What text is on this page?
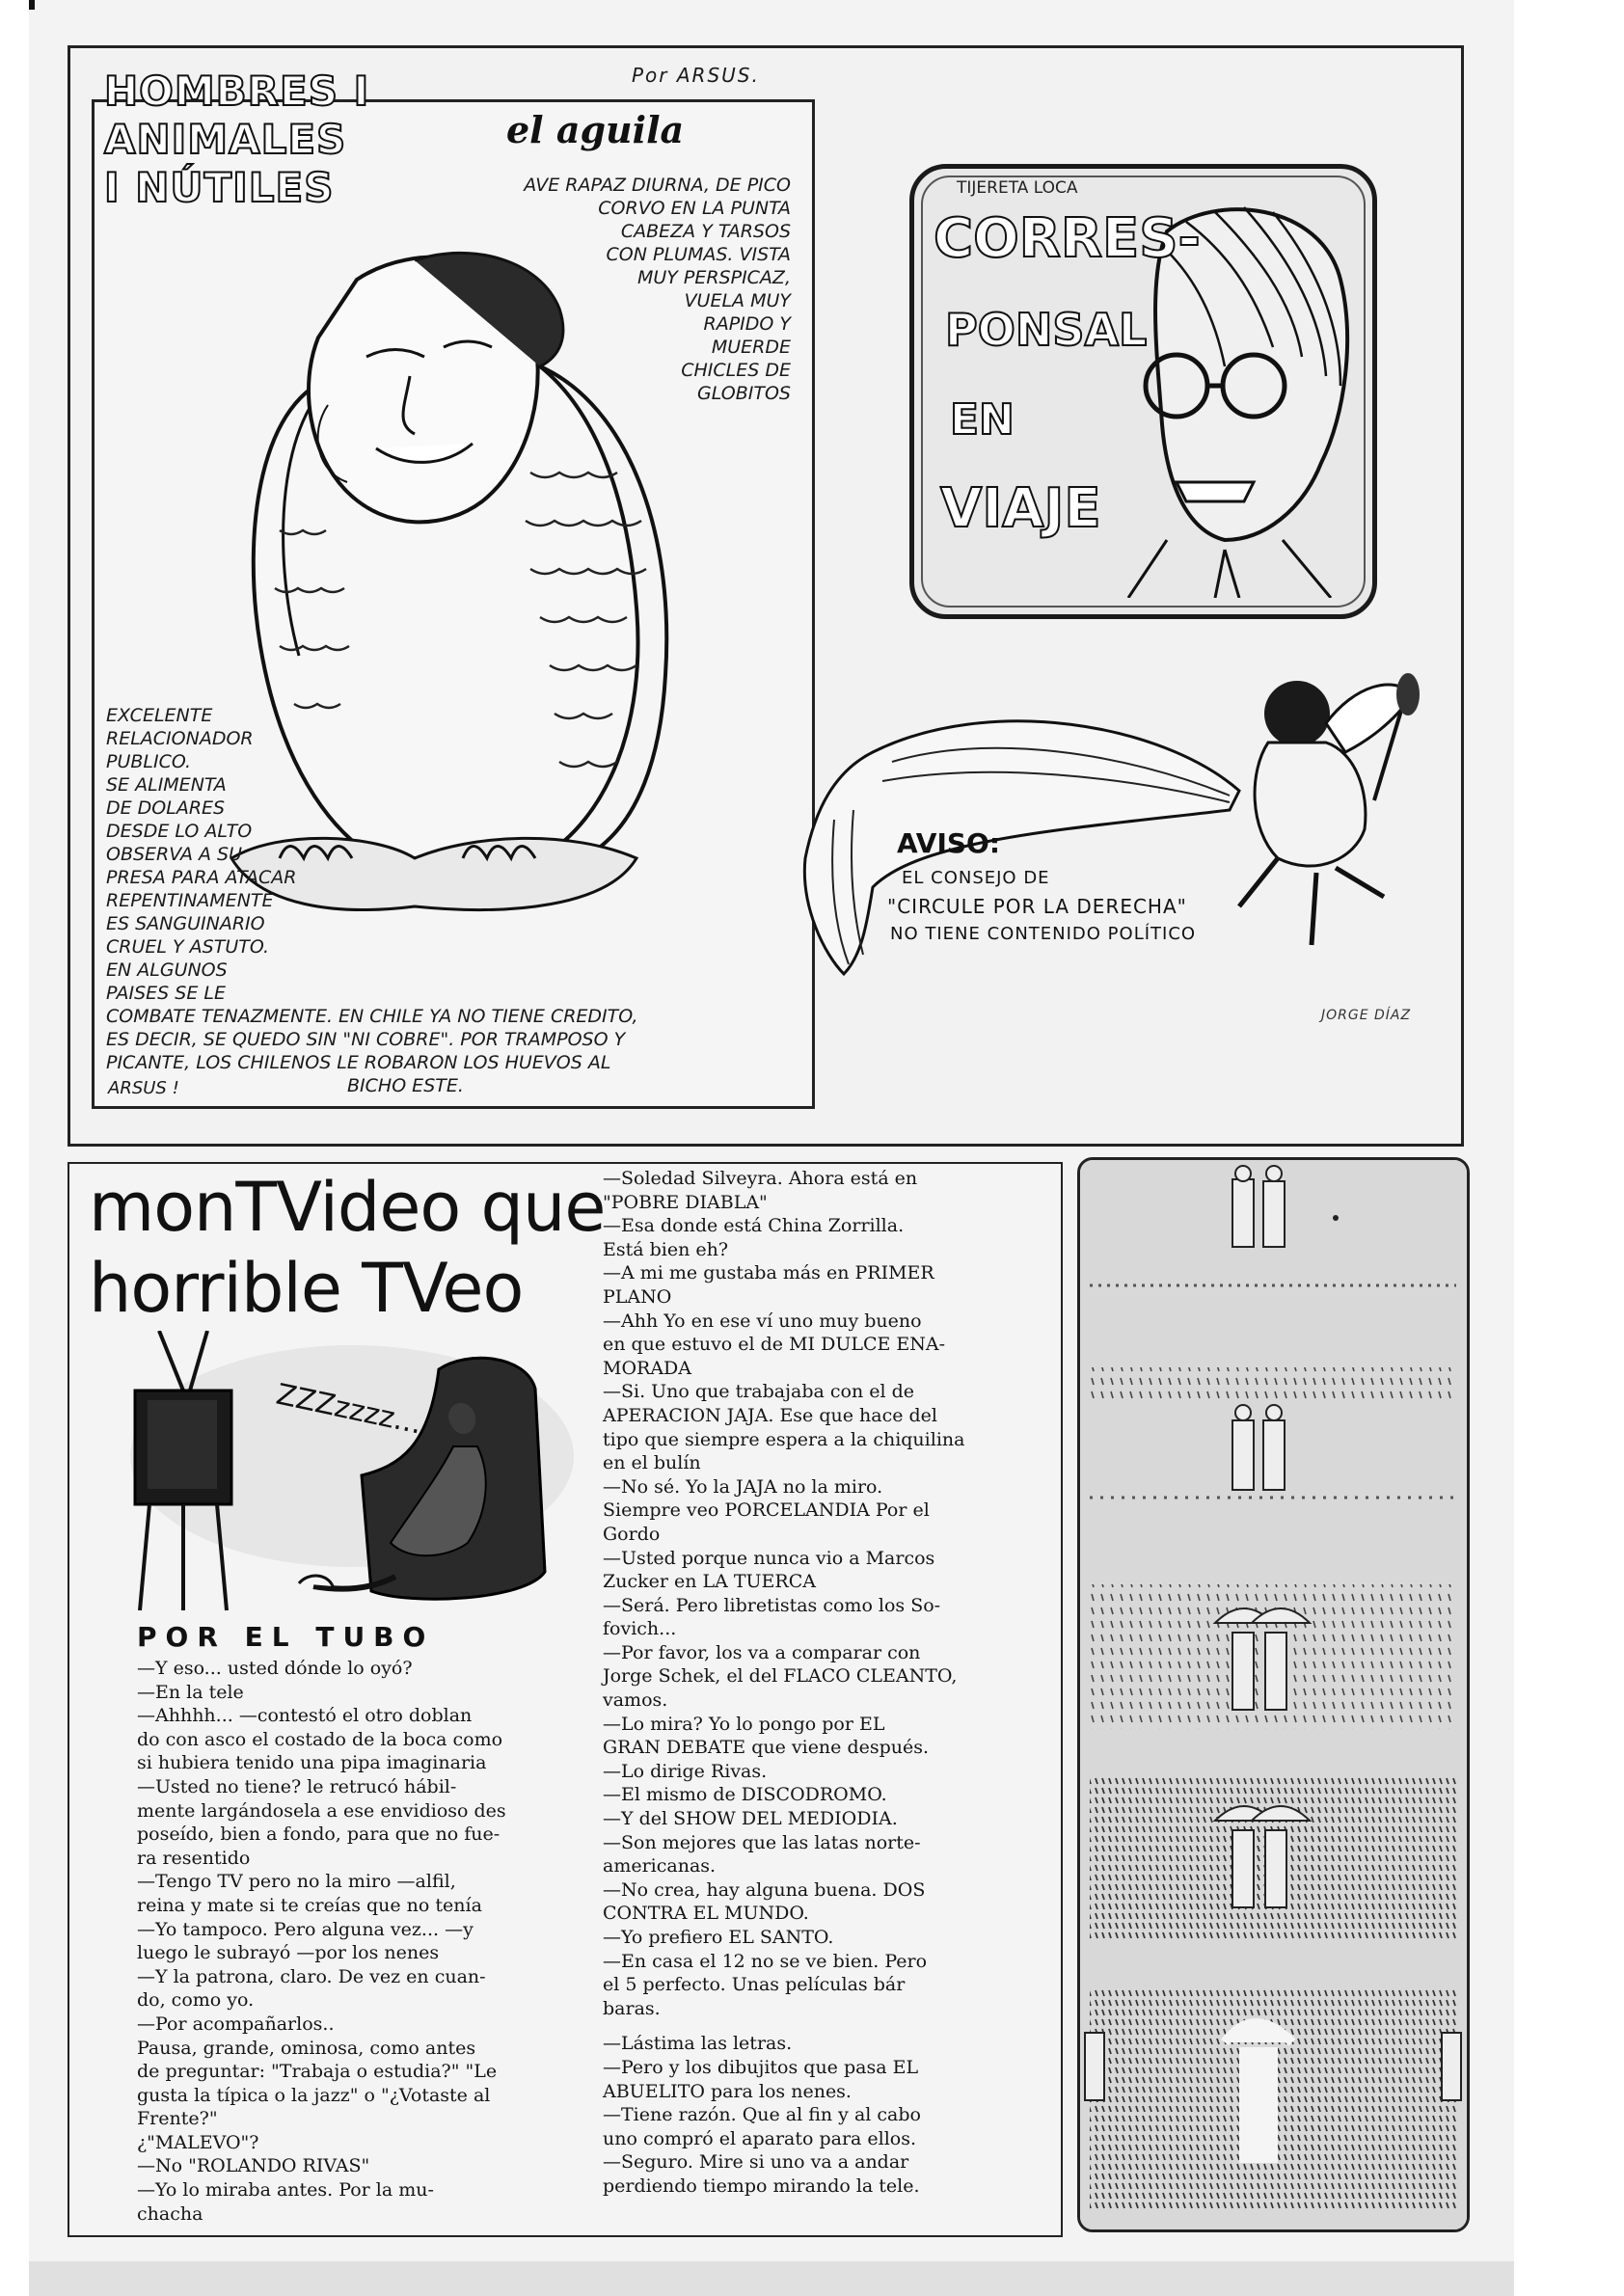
Por ARSUS.
HOMBRES I
ANIMALES
I NÚTILES
el aguila
AVE RAPAZ DIURNA, DE PICO
CORVO EN LA PUNTA
CABEZA Y TARSOS
CON PLUMAS. VISTA
MUY PERSPICAZ,
VUELA MUY
RAPIDO Y
MUERDE
CHICLES DE
GLOBITOS
EXCELENTE
RELACIONADOR
PUBLICO.
SE ALIMENTA
DE DOLARES
DESDE LO ALTO
OBSERVA A SU
PRESA PARA ATACAR
REPENTINAMENTE
ES SANGUINARIO
CRUEL Y ASTUTO.
EN ALGUNOS
PAISES SE LE
COMBATE TENAZMENTE. EN CHILE YA NO TIENE CREDITO,
ES DECIR, SE QUEDO SIN "NI COBRE". POR TRAMPOSO Y
PICANTE, LOS CHILENOS LE ROBARON LOS HUEVOS AL
BICHO ESTE.
ARSUS !
TIJERETA LOCA
CORRES-
PONSAL
EN
VIAJE
AVISO:
EL CONSEJO DE
"CIRCULE POR LA DERECHA"
NO TIENE CONTENIDO POLÍTICO
JORGE DÍAZ
monTVideo que
horrible TVeo
ZZZzzzz...
POR EL TUBO

—Y eso... usted dónde lo oyó?

—En la tele

—Ahhhh... —contestó el otro doblan

do con asco el costado de la boca como

si hubiera tenido una pipa imaginaria

—Usted no tiene? le retrucó hábil-

mente largándosela a ese envidioso des

poseído, bien a fondo, para que no fue-

ra resentido

—Tengo TV pero no la miro —alfil,

reina y mate si te creías que no tenía

—Yo tampoco. Pero alguna vez... —y

luego le subrayó —por los nenes

—Y la patrona, claro. De vez en cuan-

do, como yo.

—Por acompañarlos..

Pausa, grande, ominosa, como antes

de preguntar: "Trabaja o estudia?" "Le

gusta la típica o la jazz" o "¿Votaste al

Frente?"

¿"MALEVO"?

—No "ROLANDO RIVAS"

—Yo lo miraba antes. Por la mu-

chacha

—Soledad Silveyra. Ahora está en

"POBRE DIABLA"

—Esa donde está China Zorrilla.

Está bien eh?

—A mi me gustaba más en PRIMER

PLANO

—Ahh Yo en ese ví uno muy bueno

en que estuvo el de MI DULCE ENA-

MORADA

—Si. Uno que trabajaba con el de

APERACION JAJA. Ese que hace del

tipo que siempre espera a la chiquilina

en el bulín

—No sé. Yo la JAJA no la miro.

Siempre veo PORCELANDIA Por el

Gordo

—Usted porque nunca vio a Marcos

Zucker en LA TUERCA

—Será. Pero libretistas como los So-

fovich...

—Por favor, los va a comparar con

Jorge Schek, el del FLACO CLEANTO,

vamos.

—Lo mira? Yo lo pongo por EL

GRAN DEBATE que viene después.

—Lo dirige Rivas.

—El mismo de DISCODROMO.

—Y del SHOW DEL MEDIODIA.

—Son mejores que las latas norte-

americanas.

—No crea, hay alguna buena. DOS

CONTRA EL MUNDO.

—Yo prefiero EL SANTO.

—En casa el 12 no se ve bien. Pero

el 5 perfecto. Unas películas bár

baras.

—Lástima las letras.

—Pero y los dibujitos que pasa EL

ABUELITO para los nenes.

—Tiene razón. Que al fin y al cabo

uno compró el aparato para ellos.

—Seguro. Mire si uno va a andar

perdiendo tiempo mirando la tele.
